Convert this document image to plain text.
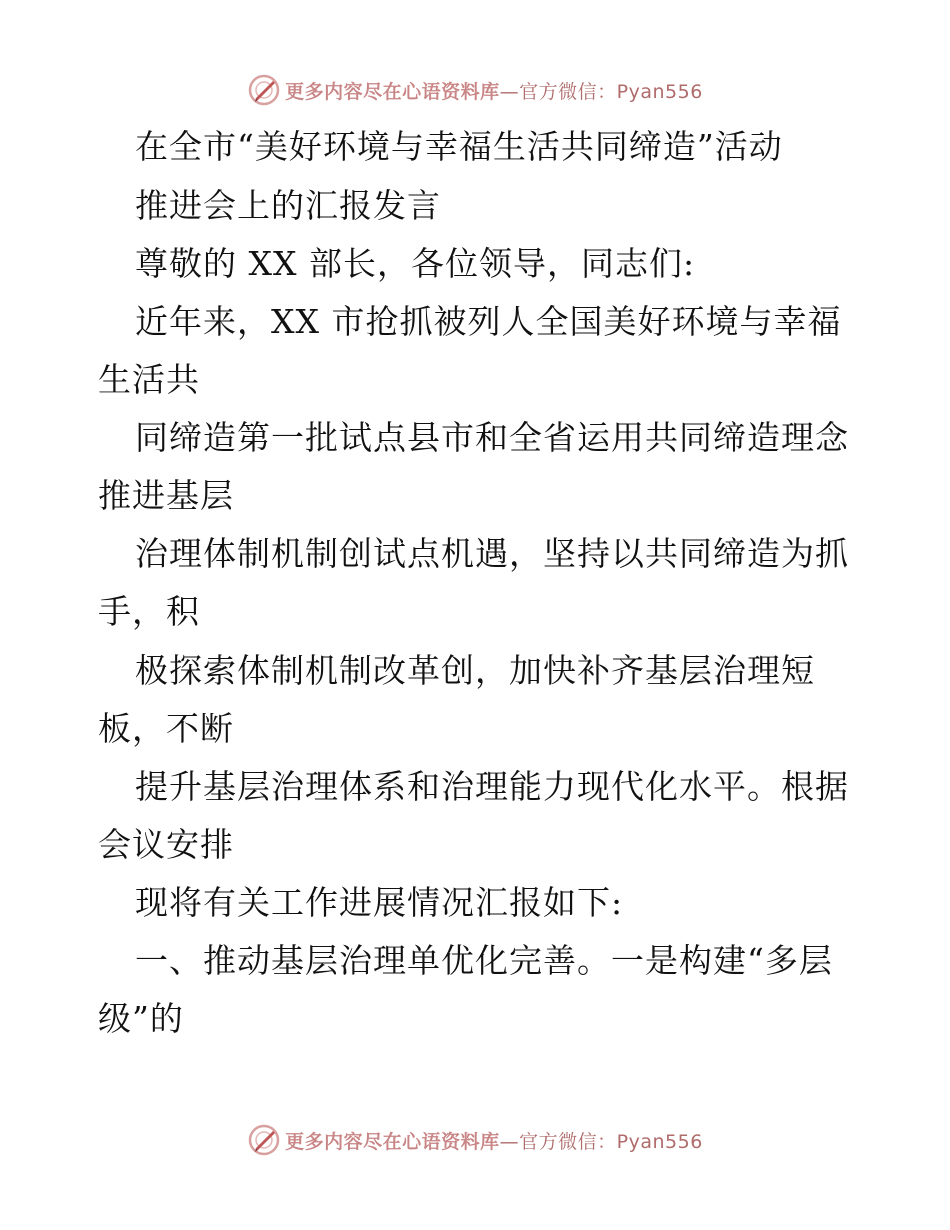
更多内容尽在心语资料库—官方微信：Pyan556
在全市“美好环境与幸福生活共同缔造”活动
推进会上的汇报发言
尊敬的 XX 部长，各位领导，同志们:
近年来，XX 市抢抓被列人全国美好环境与幸福
生活共
同缔造第一批试点县市和全省运用共同缔造理念
推进基层
治理体制机制创试点机遇，坚持以共同缔造为抓
手，积
极探索体制机制改革创，加快补齐基层治理短
板，不断
提升基层治理体系和治理能力现代化水平。根据
会议安排
现将有关工作进展情况汇报如下:
一、推动基层治理单优化完善。一是构建“多层
级”的
更多内容尽在心语资料库—官方微信：Pyan556
